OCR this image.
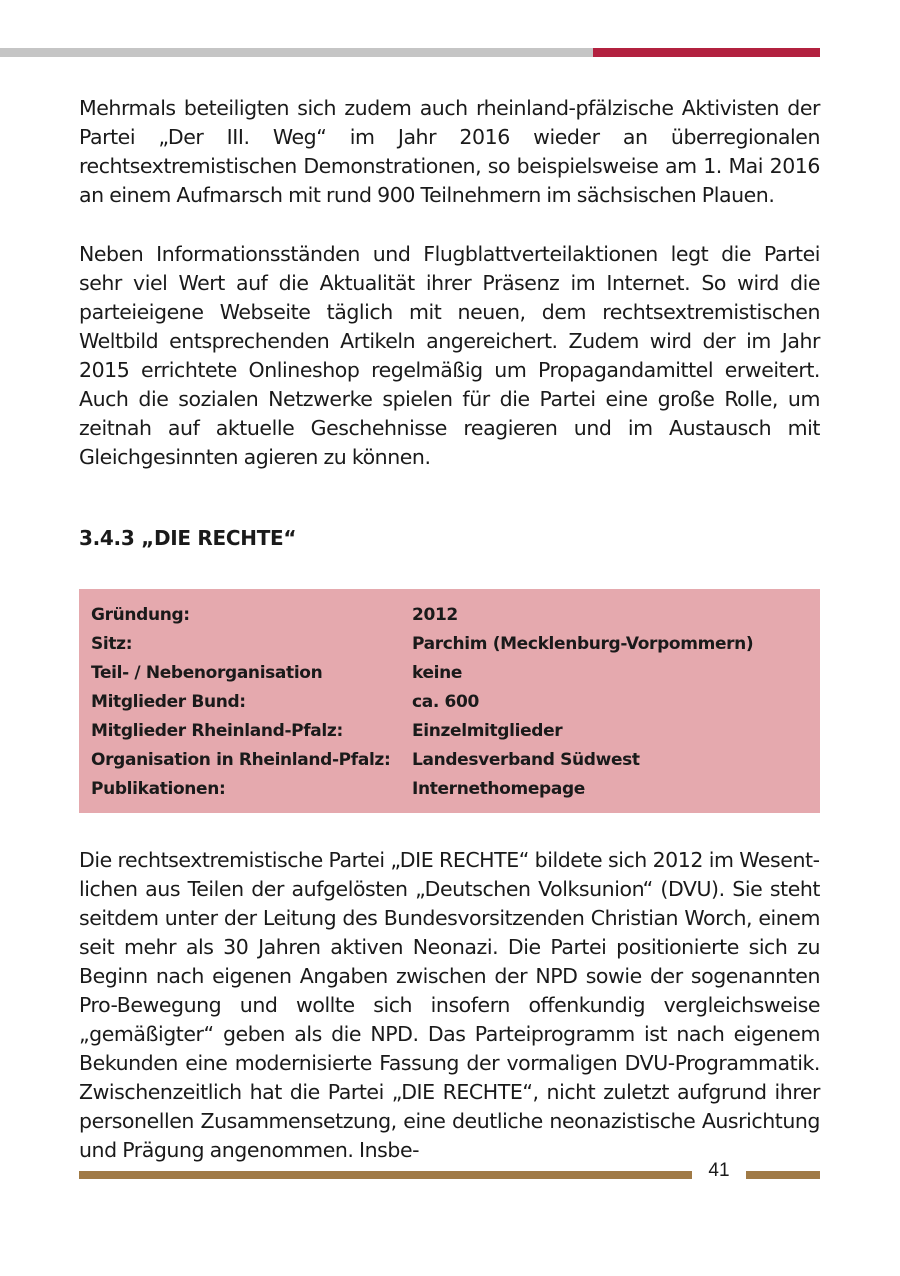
Mehrmals beteiligten sich zudem auch rheinland-pfälzische Aktivisten der Partei „Der III. Weg“ im Jahr 2016 wieder an überregionalen rechtsextremistischen Demonstrationen, so beispielsweise am 1. Mai 2016 an einem Aufmarsch mit rund 900 Teilnehmern im sächsischen Plauen.

Neben Informationsständen und Flugblattverteilaktionen legt die Partei sehr viel Wert auf die Aktualität ihrer Präsenz im Internet. So wird die parteieigene Webseite täglich mit neuen, dem rechtsextremistischen Weltbild entsprechenden Artikeln angereichert. Zudem wird der im Jahr 2015 errichtete Onlineshop regelmäßig um Propagandamittel erweitert. Auch die sozialen Netzwerke spielen für die Partei eine große Rolle, um zeitnah auf aktuelle Geschehnisse reagieren und im Austausch mit Gleichgesinnten agieren zu können.

3.4.3 „DIE RECHTE“
Gründung:	2012
Sitz:	Parchim (Mecklenburg-Vorpommern)
Teil- / Nebenorganisation	keine
Mitglieder Bund:	ca. 600
Mitglieder Rheinland-Pfalz:	Einzelmitglieder
Organisation in Rheinland-Pfalz: Landesverband Südwest
Publikationen:	Internethomepage

Die rechtsextremistische Partei „DIE RECHTE“ bildete sich 2012 im Wesentlichen aus Teilen der aufgelösten „Deutschen Volksunion“ (DVU). Sie steht seitdem unter der Leitung des Bundesvorsitzenden Christian Worch, einem seit mehr als 30 Jahren aktiven Neonazi. Die Partei positionierte sich zu Beginn nach eigenen Angaben zwischen der NPD sowie der sogenannten Pro-Bewegung und wollte sich insofern offenkundig vergleichsweise „gemäßigter“ geben als die NPD. Das Parteiprogramm ist nach eigenem Bekunden eine modernisierte Fassung der vormaligen DVU-Programmatik. Zwischenzeitlich hat die Partei „DIE RECHTE“, nicht zuletzt aufgrund ihrer personellen Zusammensetzung, eine deutliche neonazistische Ausrichtung und Prägung angenommen. Insbe-

41
